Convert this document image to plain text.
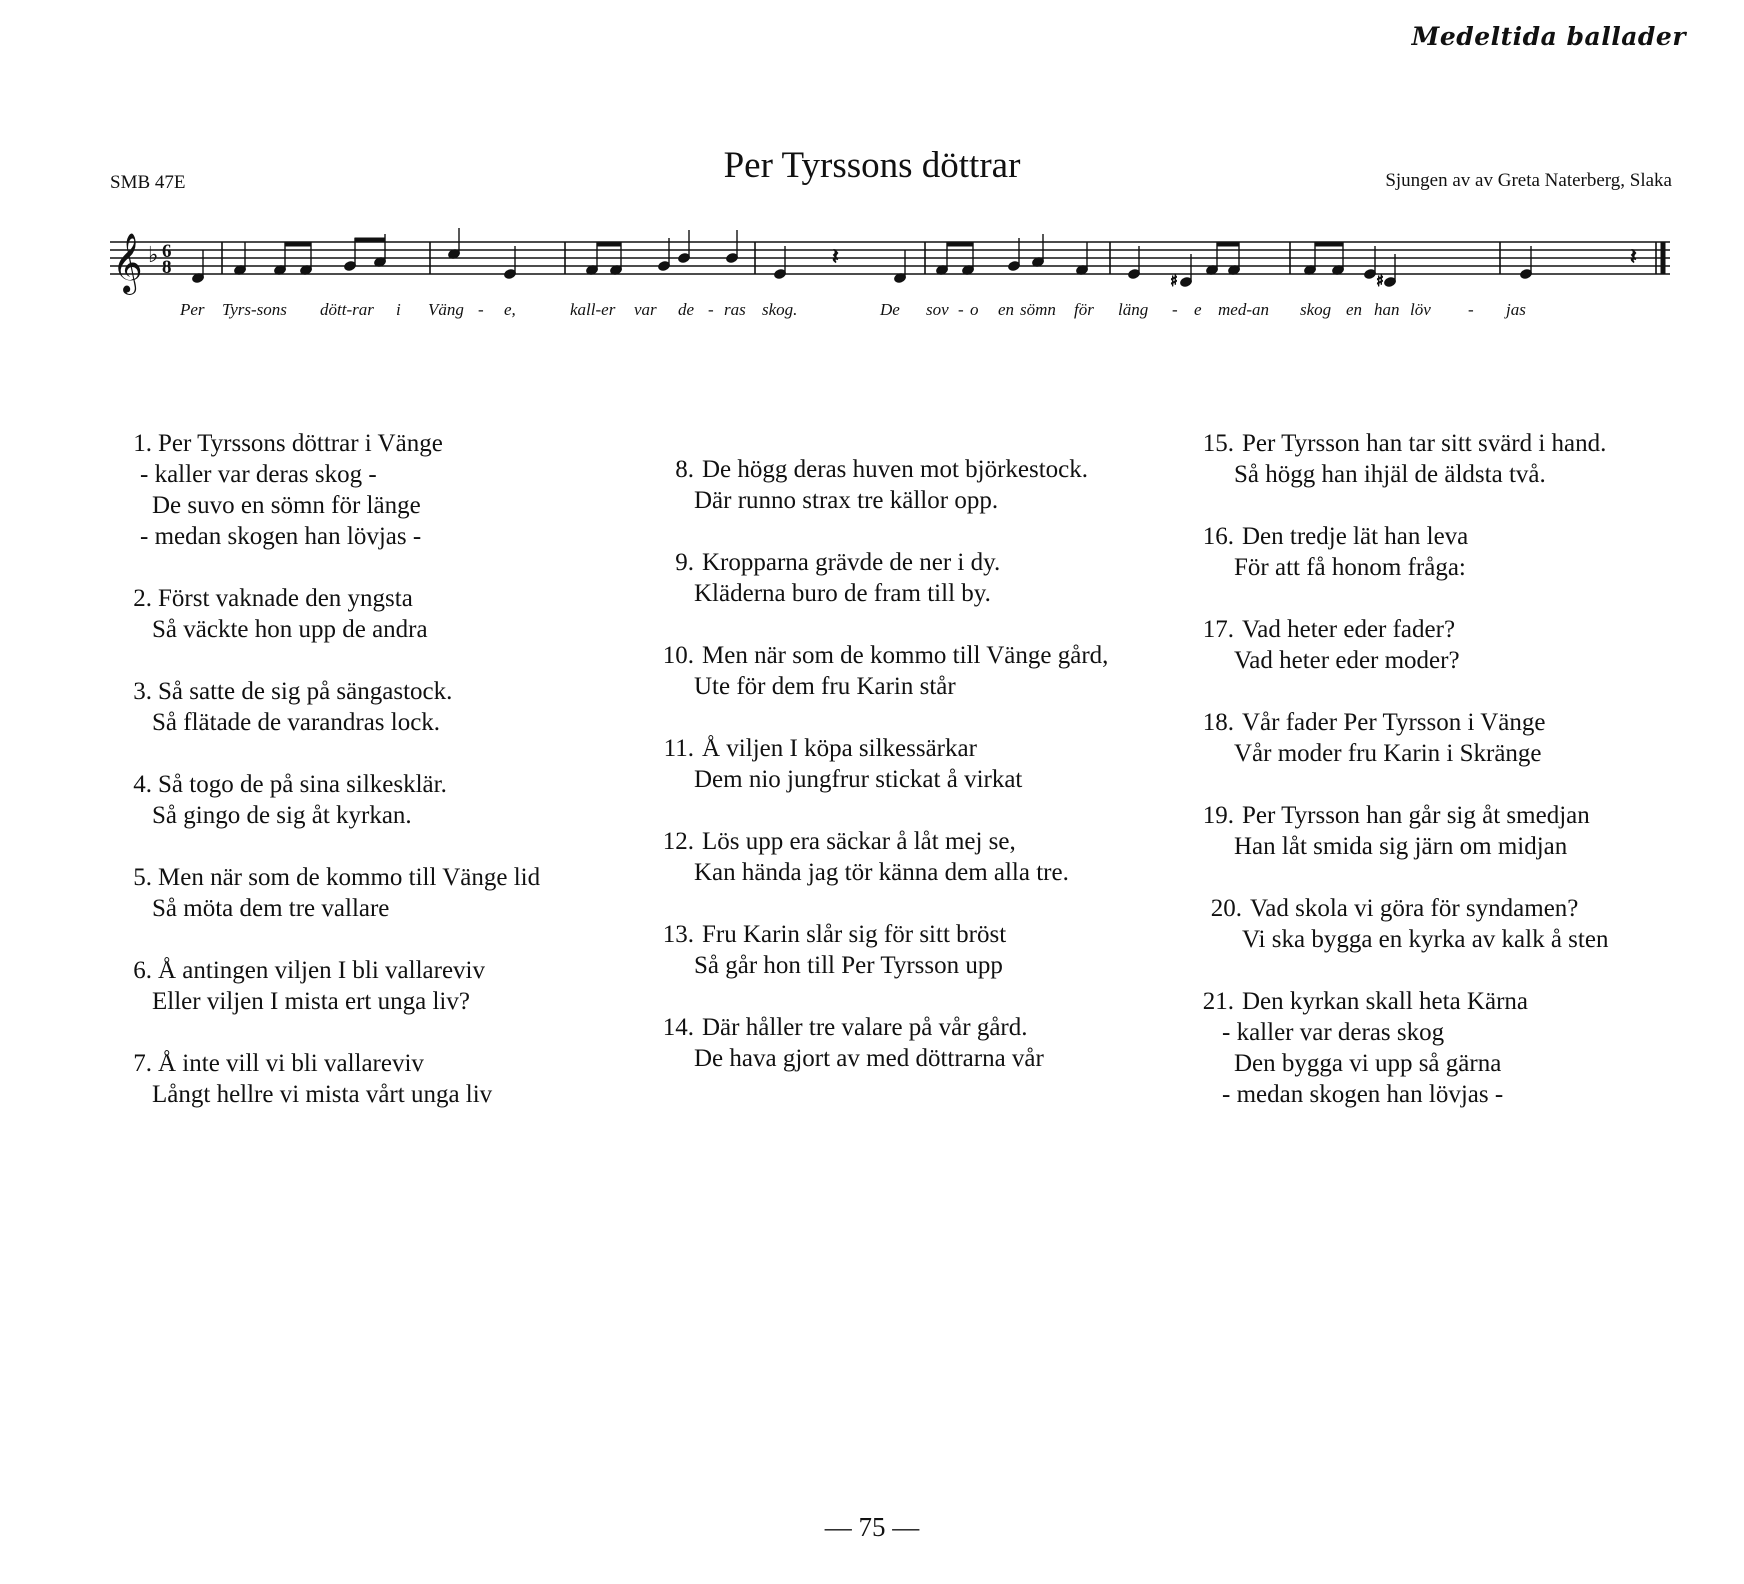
Medeltida ballader
SMB 47E	Per Tyrssons döttrar	Sjungen av av Greta Naterberg, Slaka
𝄞 ♭ 6
8	𝄽	𝄽
♯	♯
Per Tyrs-sons dött-rar i Väng - e,	kall-er var de - ras skog.	De sov - o en sömn för läng - e med-an skog en han löv - jas
1. Per Tyrssons döttrar i Vänge
- kaller var deras skog -
De suvo en sömn för länge
- medan skogen han lövjas -
2. Först vaknade den yngsta
Så väckte hon upp de andra
3. Så satte de sig på sängastock.
Så flätade de varandras lock.
4. Så togo de på sina silkesklär.
Så gingo de sig åt kyrkan.
5. Men när som de kommo till Vänge lid
Så möta dem tre vallare
6. Å antingen viljen I bli vallareviv
Eller viljen I mista ert unga liv?
7. Å inte vill vi bli vallareviv
Långt hellre vi mista vårt unga liv
8. De högg deras huven mot björkestock.
Där runno strax tre källor opp.
9. Kropparna grävde de ner i dy.
Kläderna buro de fram till by.
10. Men när som de kommo till Vänge gård,
Ute för dem fru Karin står
11. Å viljen I köpa silkessärkar
Dem nio jungfrur stickat å virkat
12. Lös upp era säckar å låt mej se,
Kan hända jag tör känna dem alla tre.
13. Fru Karin slår sig för sitt bröst
Så går hon till Per Tyrsson upp
14. Där håller tre valare på vår gård.
De hava gjort av med döttrarna vår
15. Per Tyrsson han tar sitt svärd i hand.
Så högg han ihjäl de äldsta två.
16. Den tredje lät han leva
För att få honom fråga:
17. Vad heter eder fader?
Vad heter eder moder?
18. Vår fader Per Tyrsson i Vänge
Vår moder fru Karin i Skränge
19. Per Tyrsson han går sig åt smedjan
Han låt smida sig järn om midjan
20. Vad skola vi göra för syndamen?
Vi ska bygga en kyrka av kalk å sten
21. Den kyrkan skall heta Kärna
- kaller var deras skog
Den bygga vi upp så gärna
- medan skogen han lövjas -
— 75 —
